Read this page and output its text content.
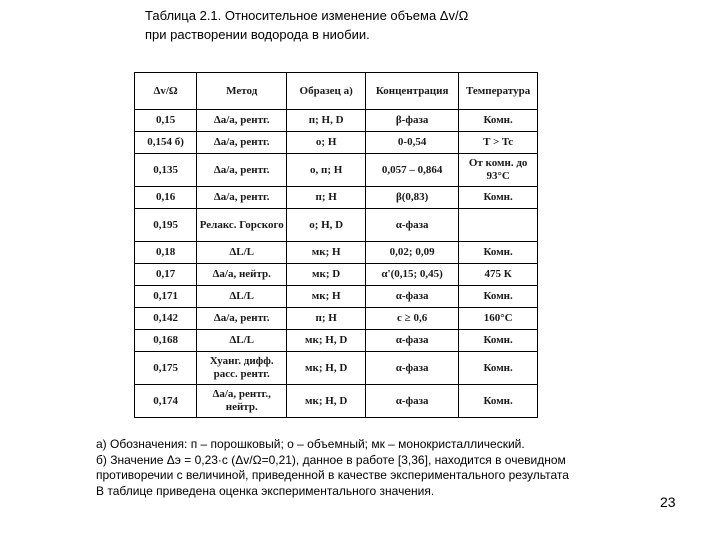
Таблица 2.1. Относительное изменение объема Δv/Ω
при растворении водорода в ниобии.
Δv/Ω	Метод	Образец а)	Концентрация	Температура
0,15	Δa/a, рентг.	п; H, D	β-фаза	Комн.
0,154 б)	Δa/a, рентг.	о; H	0-0,54	T > Tc
0,135	Δa/a, рентг.	о, п; H	0,057 – 0,864	От комн. до 93°С
0,16	Δa/a, рентг.	п; H	β(0,83)	Комн.
0,195	Релакс. Горского	о; H, D	α-фаза	
0,18	ΔL/L	мк; H	0,02; 0,09	Комн.
0,17	Δa/a, нейтр.	мк; D	α'(0,15; 0,45)	475 К
0,171	ΔL/L	мк; H	α-фаза	Комн.
0,142	Δa/a, рентг.	п; H	c ≥ 0,6	160°С
0,168	ΔL/L	мк; H, D	α-фаза	Комн.
0,175	Хуанг. дифф. расс. рентг.	мк; H, D	α-фаза	Комн.
0,174	Δa/a, рентг., нейтр.	мк; H, D	α-фаза	Комн.
а) Обозначения: п – порошковый; о – объемный; мк – монокристаллический.
б) Значение Δэ = 0,23·c (Δv/Ω=0,21), данное в работе [3,36], находится в очевидном
противоречии с величиной, приведенной в качестве экспериментального результата
В таблице приведена оценка экспериментального значения.
23
